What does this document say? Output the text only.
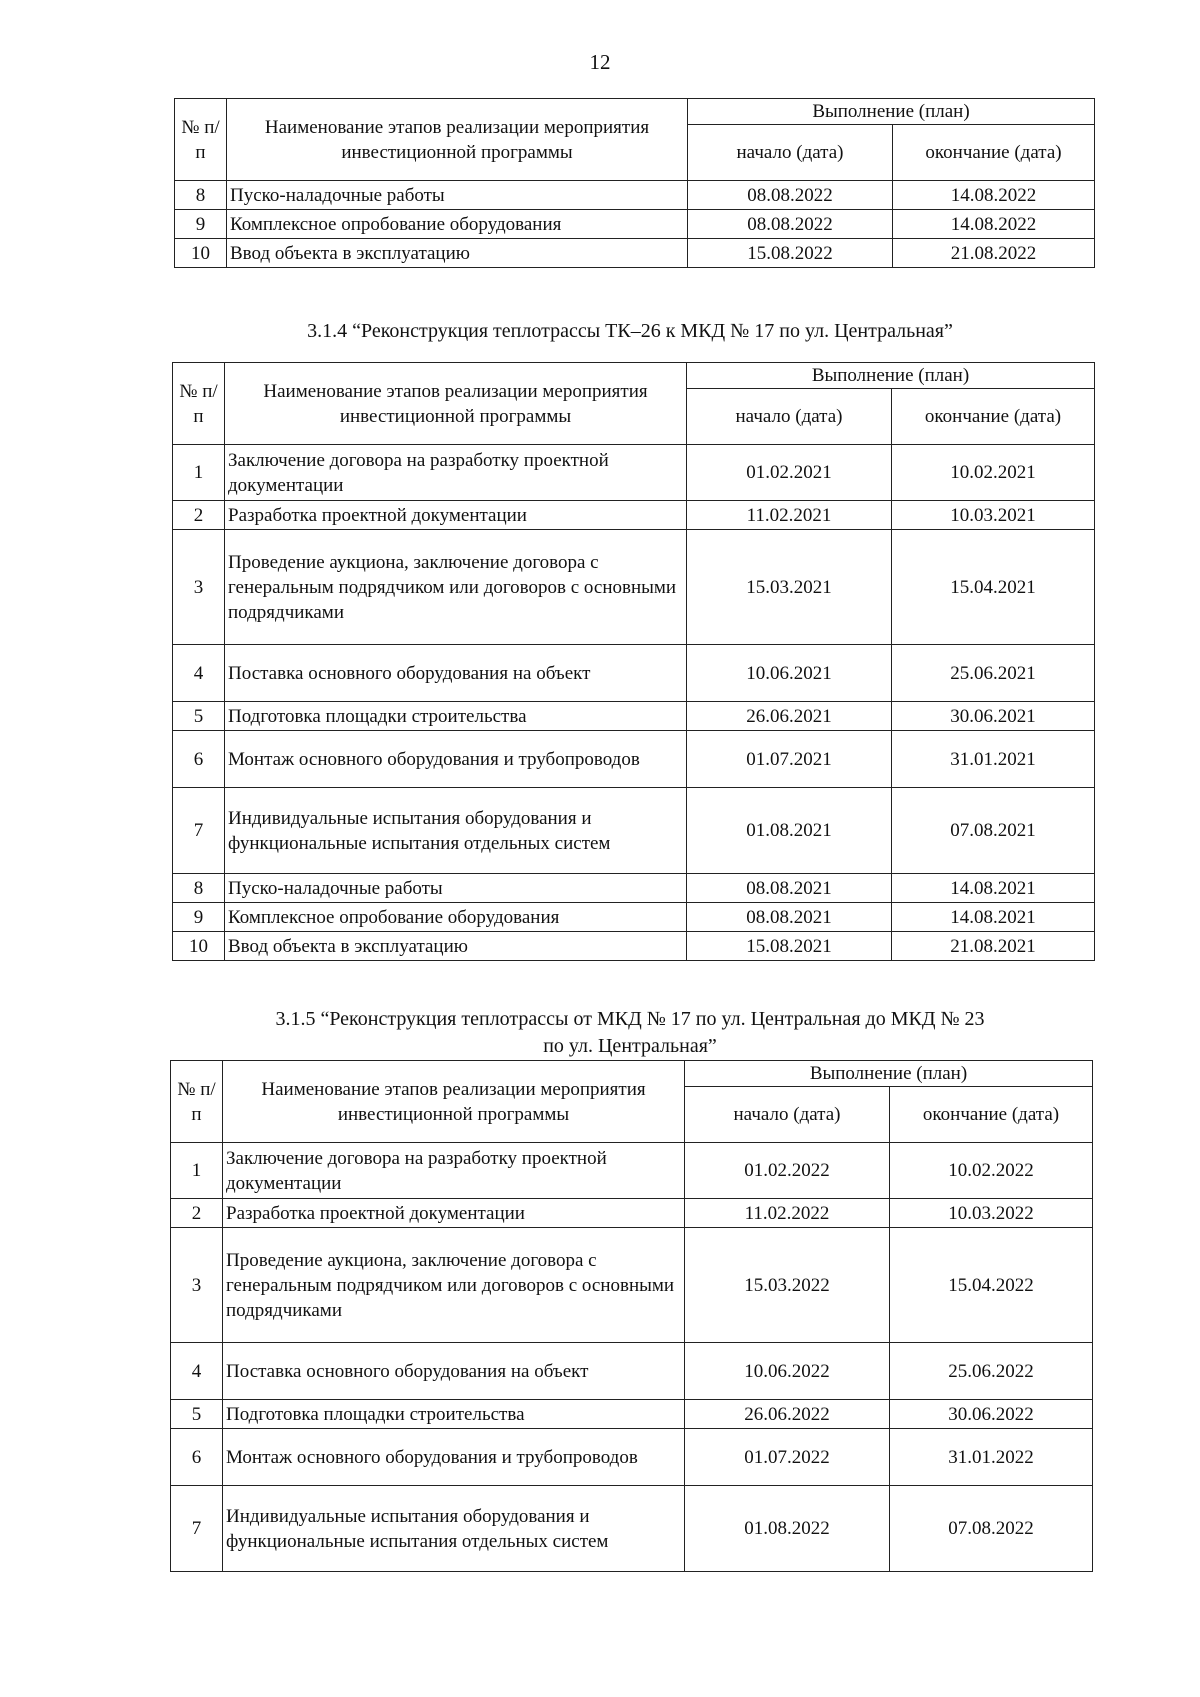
12
№ п/п	Наименование этапов реализации мероприятия инвестиционной программы	Выполнение (план)	
		начало (дата)	окончание (дата)
8	Пуско-наладочные работы	08.08.2022	14.08.2022
9	Комплексное опробование оборудования	08.08.2022	14.08.2022
10	Ввод объекта в эксплуатацию	15.08.2022	21.08.2022
3.1.4 “Реконструкция теплотрассы ТК–26 к МКД № 17 по ул. Центральная”
№ п/п	Наименование этапов реализации мероприятия инвестиционной программы	Выполнение (план)	
		начало (дата)	окончание (дата)
1	Заключение договора на разработку проектной документации	01.02.2021	10.02.2021
2	Разработка проектной документации	11.02.2021	10.03.2021
3	Проведение аукциона, заключение договора с генеральным подрядчиком или договоров с основными подрядчиками	15.03.2021	15.04.2021
4	Поставка основного оборудования на объект	10.06.2021	25.06.2021
5	Подготовка площадки строительства	26.06.2021	30.06.2021
6	Монтаж основного оборудования и трубопроводов	01.07.2021	31.01.2021
7	Индивидуальные испытания оборудования и функциональные испытания отдельных систем	01.08.2021	07.08.2021
8	Пуско-наладочные работы	08.08.2021	14.08.2021
9	Комплексное опробование оборудования	08.08.2021	14.08.2021
10	Ввод объекта в эксплуатацию	15.08.2021	21.08.2021
3.1.5 “Реконструкция теплотрассы от МКД № 17 по ул. Центральная до МКД № 23
по ул. Центральная”
№ п/п	Наименование этапов реализации мероприятия инвестиционной программы	Выполнение (план)	
		начало (дата)	окончание (дата)
1	Заключение договора на разработку проектной документации	01.02.2022	10.02.2022
2	Разработка проектной документации	11.02.2022	10.03.2022
3	Проведение аукциона, заключение договора с генеральным подрядчиком или договоров с основными подрядчиками	15.03.2022	15.04.2022
4	Поставка основного оборудования на объект	10.06.2022	25.06.2022
5	Подготовка площадки строительства	26.06.2022	30.06.2022
6	Монтаж основного оборудования и трубопроводов	01.07.2022	31.01.2022
7	Индивидуальные испытания оборудования и функциональные испытания отдельных систем	01.08.2022	07.08.2022
